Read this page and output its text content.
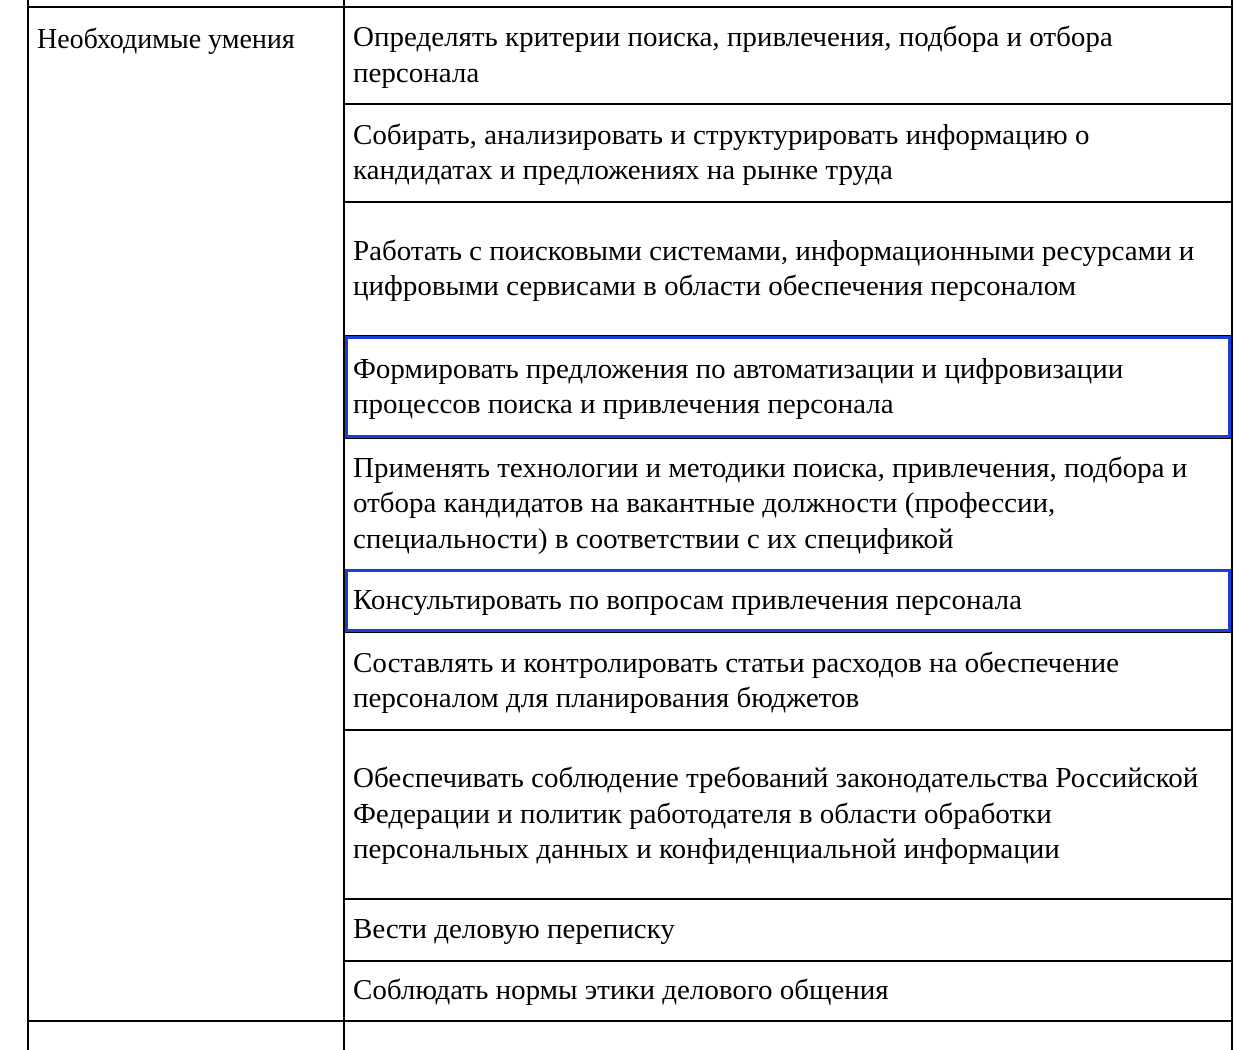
Необходимые умения	Определять критерии поиска, привлечения, подбора и отбора персонала
Собирать, анализировать и структурировать информацию о кандидатах и предложениях на рынке труда
Работать с поисковыми системами, информационными ресурсами и цифровыми сервисами в области обеспечения персоналом
Формировать предложения по автоматизации и цифровизации процессов поиска и привлечения персонала
Применять технологии и методики поиска, привлечения, подбора и отбора кандидатов на вакантные должности (профессии, специальности) в соответствии с их спецификой
Консультировать по вопросам привлечения персонала
Составлять и контролировать статьи расходов на обеспечение персоналом для планирования бюджетов
Обеспечивать соблюдение требований законодательства Российской Федерации и политик работодателя в области обработки персональных данных и конфиденциальной информации
Вести деловую переписку
Соблюдать нормы этики делового общения
